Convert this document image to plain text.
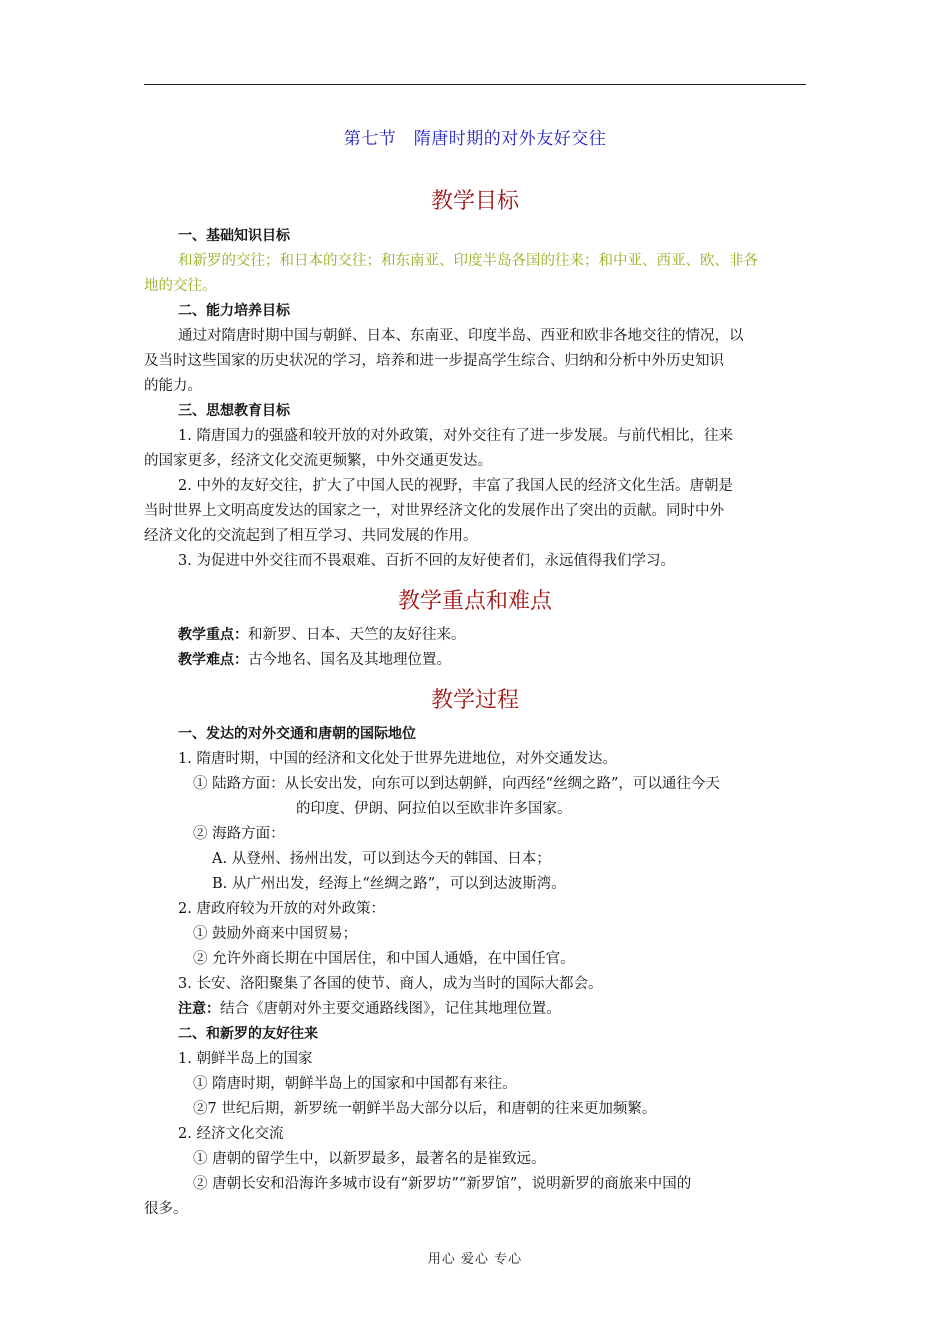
第七节　隋唐时期的对外友好交往
教学目标
一、基础知识目标
和新罗的交往；和日本的交往；和东南亚、印度半岛各国的往来；和中亚、西亚、欧、非各
地的交往。
二、能力培养目标
通过对隋唐时期中国与朝鲜、日本、东南亚、印度半岛、西亚和欧非各地交往的情况，以
及当时这些国家的历史状况的学习，培养和进一步提高学生综合、归纳和分析中外历史知识
的能力。
三、思想教育目标
1. 隋唐国力的强盛和较开放的对外政策，对外交往有了进一步发展。与前代相比，往来
的国家更多，经济文化交流更频繁，中外交通更发达。
2. 中外的友好交往，扩大了中国人民的视野，丰富了我国人民的经济文化生活。唐朝是
当时世界上文明高度发达的国家之一，对世界经济文化的发展作出了突出的贡献。同时中外
经济文化的交流起到了相互学习、共同发展的作用。
3. 为促进中外交往而不畏艰难、百折不回的友好使者们，永远值得我们学习。
教学重点和难点
教学重点：和新罗、日本、天竺的友好往来。
教学难点：古今地名、国名及其地理位置。
教学过程
一、发达的对外交通和唐朝的国际地位
1. 隋唐时期，中国的经济和文化处于世界先进地位，对外交通发达。
① 陆路方面：从长安出发，向东可以到达朝鲜，向西经“丝绸之路”，可以通往今天
的印度、伊朗、阿拉伯以至欧非许多国家。
② 海路方面：
A. 从登州、扬州出发，可以到达今天的韩国、日本；
B. 从广州出发，经海上“丝绸之路”，可以到达波斯湾。
2. 唐政府较为开放的对外政策：
① 鼓励外商来中国贸易；
② 允许外商长期在中国居住，和中国人通婚，在中国任官。
3. 长安、洛阳聚集了各国的使节、商人，成为当时的国际大都会。
注意：结合《唐朝对外主要交通路线图》，记住其地理位置。
二、和新罗的友好往来
1. 朝鲜半岛上的国家
① 隋唐时期，朝鲜半岛上的国家和中国都有来往。
②7 世纪后期，新罗统一朝鲜半岛大部分以后，和唐朝的往来更加频繁。
2. 经济文化交流
① 唐朝的留学生中，以新罗最多，最著名的是崔致远。
② 唐朝长安和沿海许多城市设有“新罗坊”“新罗馆”，说明新罗的商旅来中国的
很多。
用心 爱心 专心
